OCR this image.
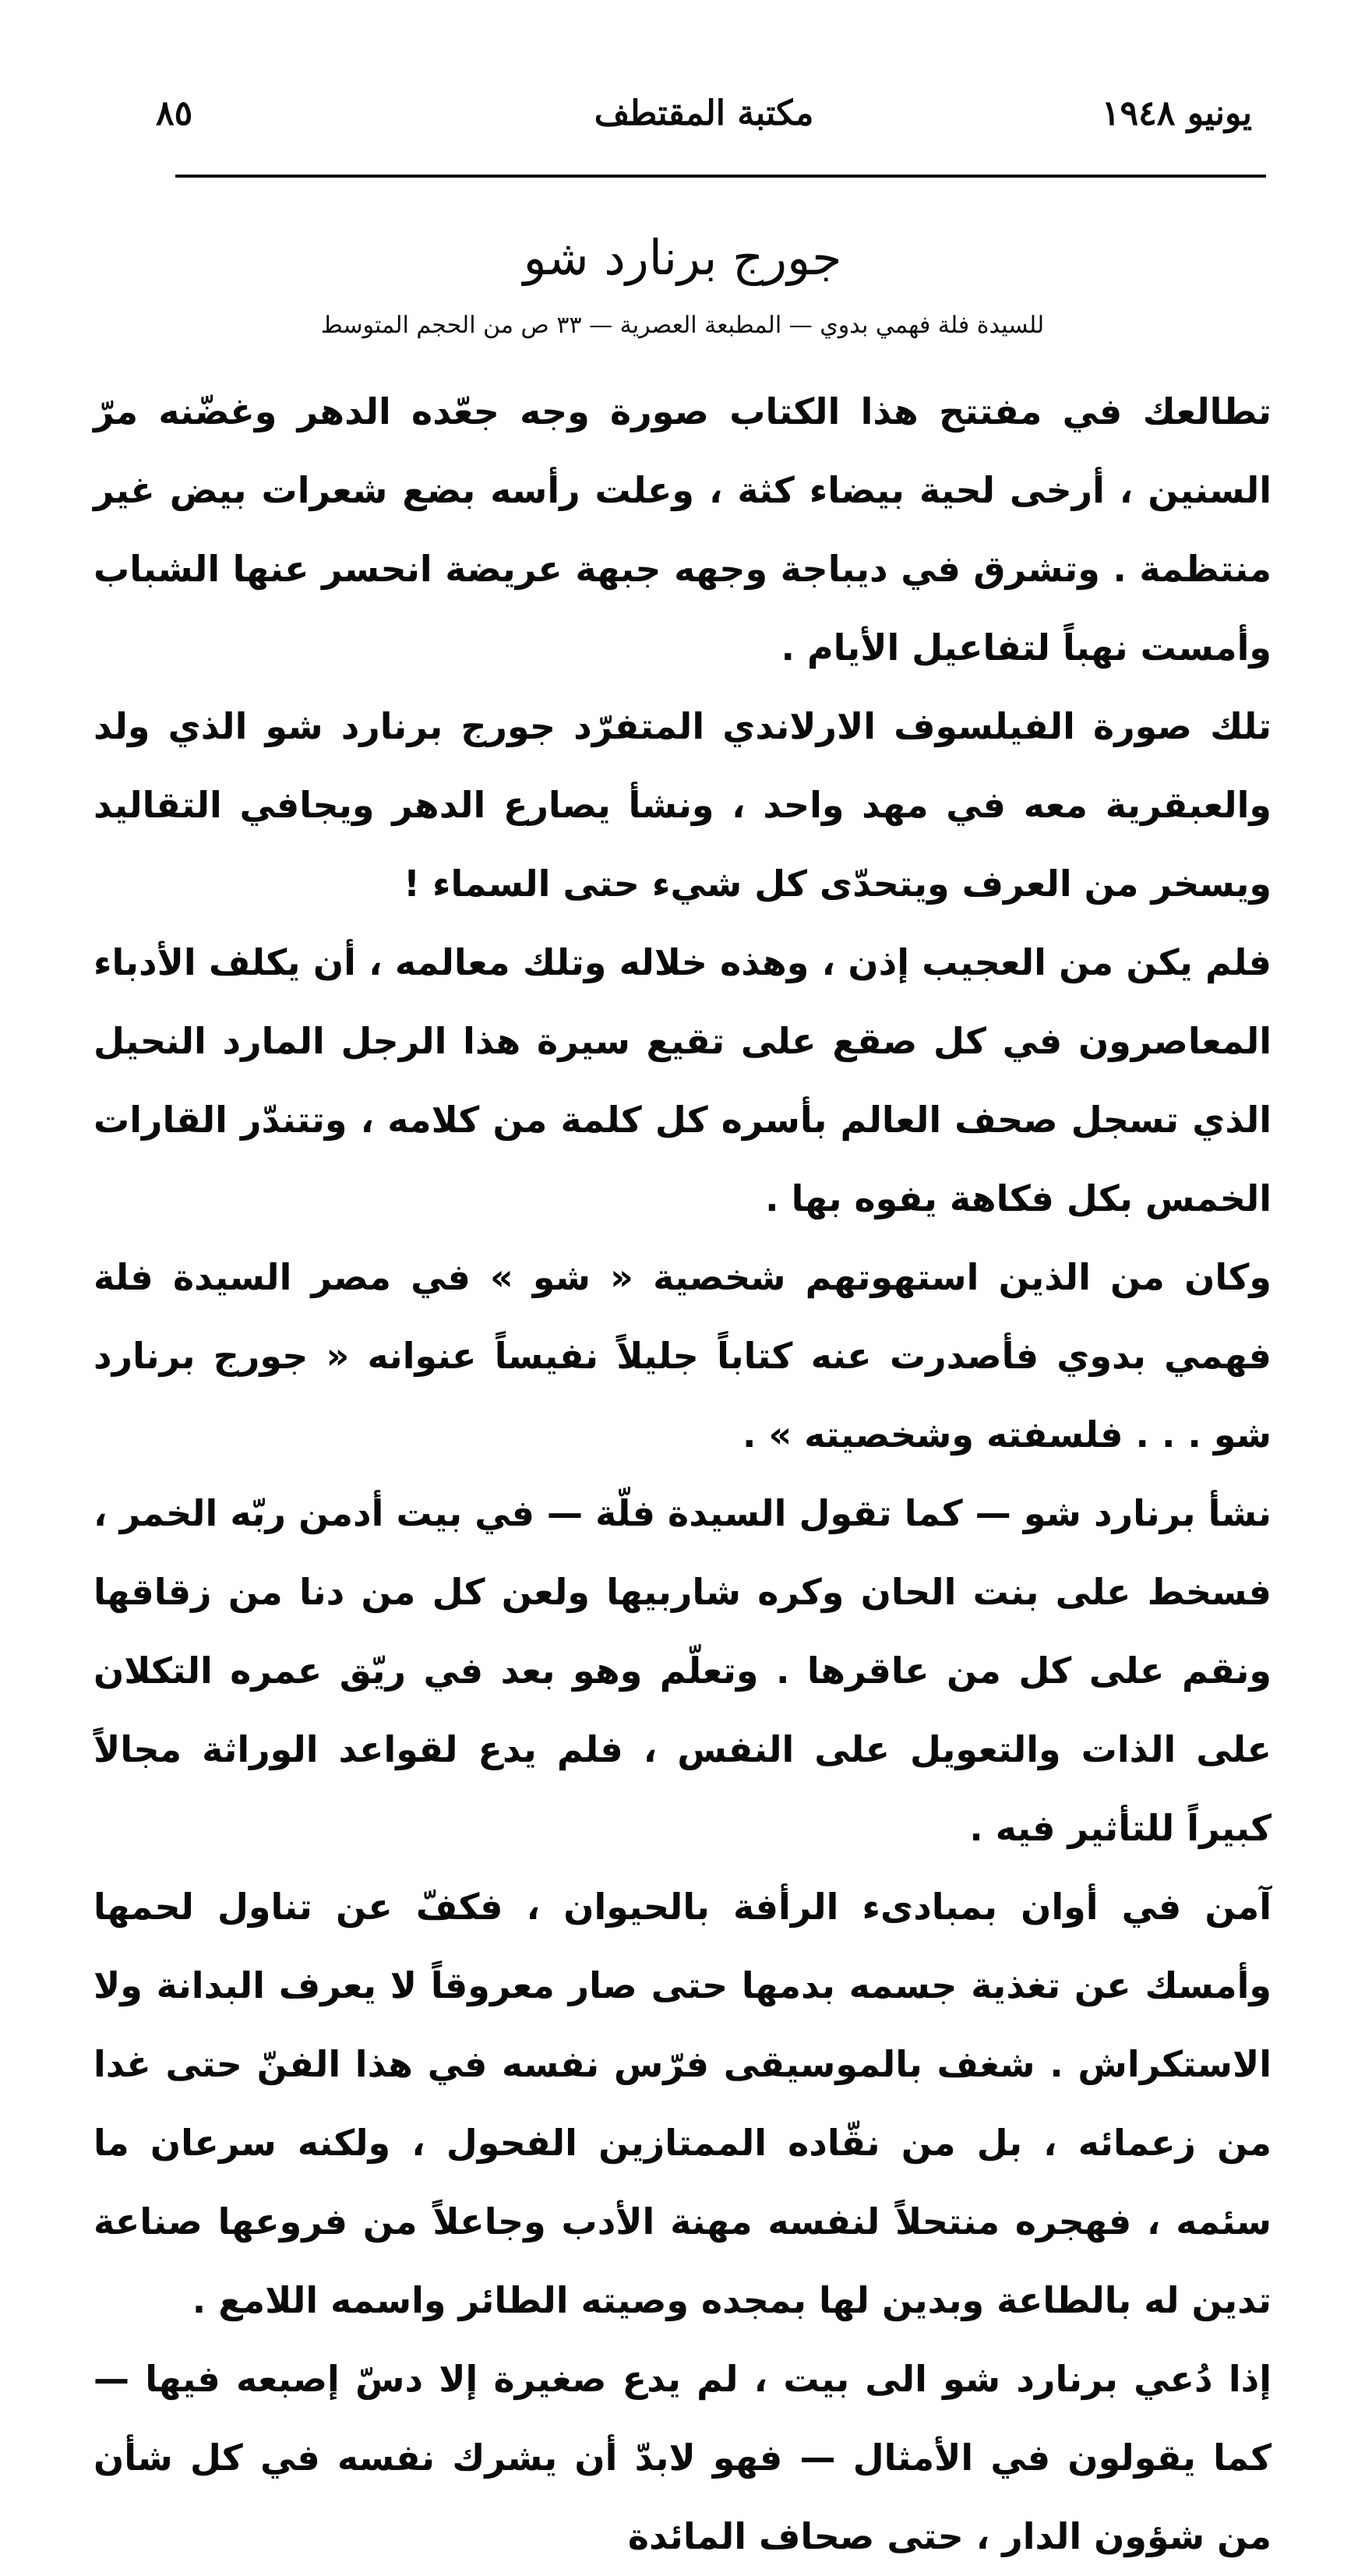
يونيو ١٩٤٨
مكتبة المقتطف
٨٥
جورج برنارد شو
للسيدة فلة فهمي بدوي — المطبعة العصرية — ٣٣ ص من الحجم المتوسط

تطالعك في مفتتح هذا الكتاب صورة وجه جعّده الدهر وغضّنه مرّ السنين ، أرخى لحية بيضاء كثة ، وعلت رأسه بضع شعرات بيض غير منتظمة . وتشرق في ديباجة وجهه جبهة عريضة انحسر عنها الشباب وأمست نهباً لتفاعيل الأيام .

تلك صورة الفيلسوف الارلاندي المتفرّد جورج برنارد شو الذي ولد والعبقرية معه في مهد واحد ، ونشأ يصارع الدهر ويجافي التقاليد ويسخر من العرف ويتحدّى كل شيء حتى السماء !

فلم يكن من العجيب إذن ، وهذه خلاله وتلك معالمه ، أن يكلف الأدباء المعاصرون في كل صقع على تقيع سيرة هذا الرجل المارد النحيل الذي تسجل صحف العالم بأسره كل كلمة من كلامه ، وتتندّر القارات الخمس بكل فكاهة يفوه بها .

وكان من الذين استهوتهم شخصية « شو » في مصر السيدة فلة فهمي بدوي فأصدرت عنه كتاباً جليلاً نفيساً عنوانه « جورج برنارد شو . . . فلسفته وشخصيته » .

نشأ برنارد شو — كما تقول السيدة فلّة — في بيت أدمن ربّه الخمر ، فسخط على بنت الحان وكره شاربيها ولعن كل من دنا من زقاقها ونقم على كل من عاقرها . وتعلّم وهو بعد في ريّق عمره التكلان على الذات والتعويل على النفس ، فلم يدع لقواعد الوراثة مجالاً كبيراً للتأثير فيه .

آمن في أوان بمبادىء الرأفة بالحيوان ، فكفّ عن تناول لحمها وأمسك عن تغذية جسمه بدمها حتى صار معروقاً لا يعرف البدانة ولا الاستكراش . شغف بالموسيقى فرّس نفسه في هذا الفنّ حتى غدا من زعمائه ، بل من نقّاده الممتازين الفحول ، ولكنه سرعان ما سئمه ، فهجره منتحلاً لنفسه مهنة الأدب وجاعلاً من فروعها صناعة تدين له بالطاعة وبدين لها بمجده وصيته الطائر واسمه اللامع .

إذا دُعي برنارد شو الى بيت ، لم يدع صغيرة إلا دسّ إصبعه فيها — كما يقولون في الأمثال — فهو لابدّ أن يشرك نفسه في كل شأن من شؤون الدار ، حتى صحاف المائدة
